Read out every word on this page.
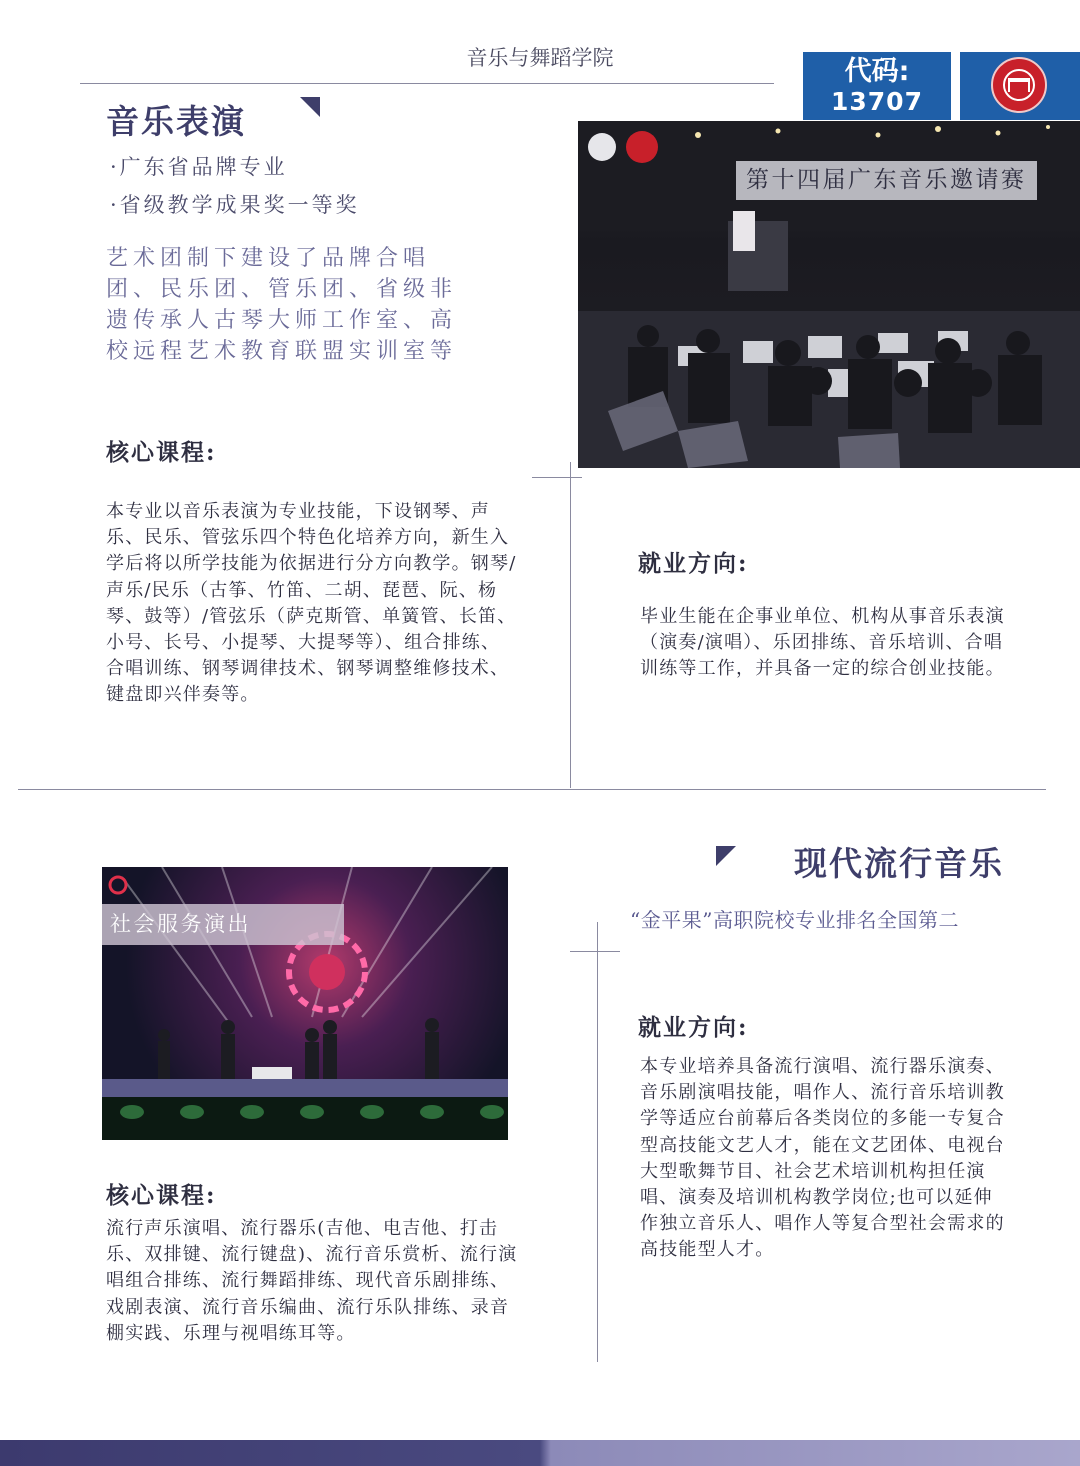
音乐与舞蹈学院	代码:
13707
音乐表演
·广东省品牌专业
·省级教学成果奖一等奖
艺术团制下建设了品牌合唱团、民乐团、管乐团、省级非遗传承人古琴大师工作室、高校远程艺术教育联盟实训室等
第十四届广东音乐邀请赛
核心课程:
本专业以音乐表演为专业技能，下设钢琴、声乐、民乐、管弦乐四个特色化培养方向，新生入学后将以所学技能为依据进行分方向教学。钢琴/声乐/民乐（古筝、竹笛、二胡、琵琶、阮、杨琴、鼓等）/管弦乐（萨克斯管、单簧管、长笛、小号、长号、小提琴、大提琴等）、组合排练、合唱训练、钢琴调律技术、钢琴调整维修技术、键盘即兴伴奏等。
就业方向:
毕业生能在企事业单位、机构从事音乐表演（演奏/演唱）、乐团排练、音乐培训、合唱训练等工作，并具备一定的综合创业技能。
现代流行音乐
“金平果”高职院校专业排名全国第二
社会服务演出
就业方向:
本专业培养具备流行演唱、流行器乐演奏、音乐剧演唱技能，唱作人、流行音乐培训教学等适应台前幕后各类岗位的多能一专复合型高技能文艺人才，能在文艺团体、电视台大型歌舞节目、社会艺术培训机构担任演唱、演奏及培训机构教学岗位;也可以延伸作独立音乐人、唱作人等复合型社会需求的高技能型人才。
核心课程:
流行声乐演唱、流行器乐(吉他、电吉他、打击乐、双排键、流行键盘)、流行音乐赏析、流行演唱组合排练、流行舞蹈排练、现代音乐剧排练、戏剧表演、流行音乐编曲、流行乐队排练、录音棚实践、乐理与视唱练耳等。
